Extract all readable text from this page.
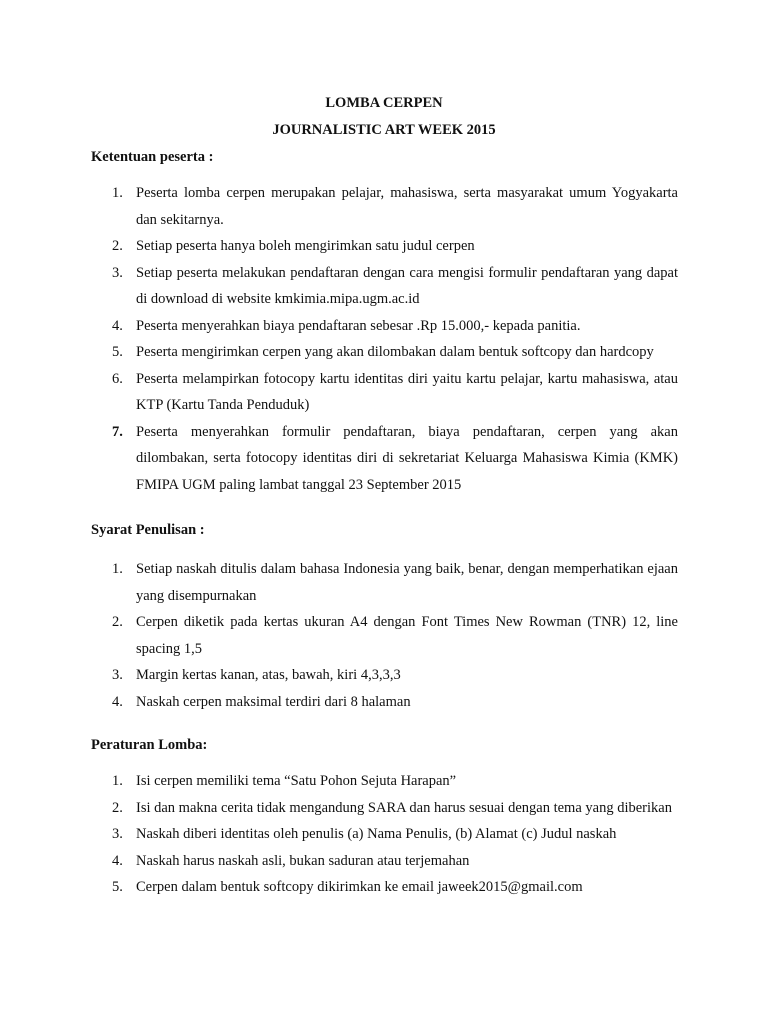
LOMBA CERPEN
JOURNALISTIC ART WEEK 2015
Ketentuan peserta :
1. Peserta lomba cerpen merupakan pelajar, mahasiswa, serta masyarakat umum Yogyakarta dan sekitarnya.
2. Setiap peserta hanya boleh mengirimkan satu judul cerpen
3. Setiap peserta melakukan pendaftaran dengan cara mengisi formulir pendaftaran yang dapat di download di website kmkimia.mipa.ugm.ac.id
4. Peserta menyerahkan biaya pendaftaran sebesar .Rp 15.000,- kepada panitia.
5. Peserta mengirimkan cerpen yang akan dilombakan dalam bentuk softcopy dan hardcopy
6. Peserta melampirkan fotocopy kartu identitas diri yaitu kartu pelajar, kartu mahasiswa, atau KTP (Kartu Tanda Penduduk)
7. Peserta menyerahkan formulir pendaftaran, biaya pendaftaran, cerpen yang akan dilombakan, serta fotocopy identitas diri di sekretariat Keluarga Mahasiswa Kimia (KMK) FMIPA UGM paling lambat tanggal 23 September 2015
Syarat Penulisan :
1. Setiap naskah ditulis dalam bahasa Indonesia yang baik, benar, dengan memperhatikan ejaan yang disempurnakan
2. Cerpen diketik pada kertas ukuran A4 dengan Font Times New Rowman (TNR) 12, line spacing 1,5
3. Margin kertas kanan, atas, bawah, kiri 4,3,3,3
4. Naskah cerpen maksimal terdiri dari 8 halaman
Peraturan Lomba:
1. Isi cerpen memiliki tema “Satu Pohon Sejuta Harapan”
2. Isi dan makna cerita tidak mengandung SARA dan harus sesuai dengan tema yang diberikan
3. Naskah diberi identitas oleh penulis (a) Nama Penulis, (b) Alamat (c) Judul naskah
4. Naskah harus naskah asli, bukan saduran atau terjemahan
5. Cerpen dalam bentuk softcopy dikirimkan ke email jaweek2015@gmail.com
